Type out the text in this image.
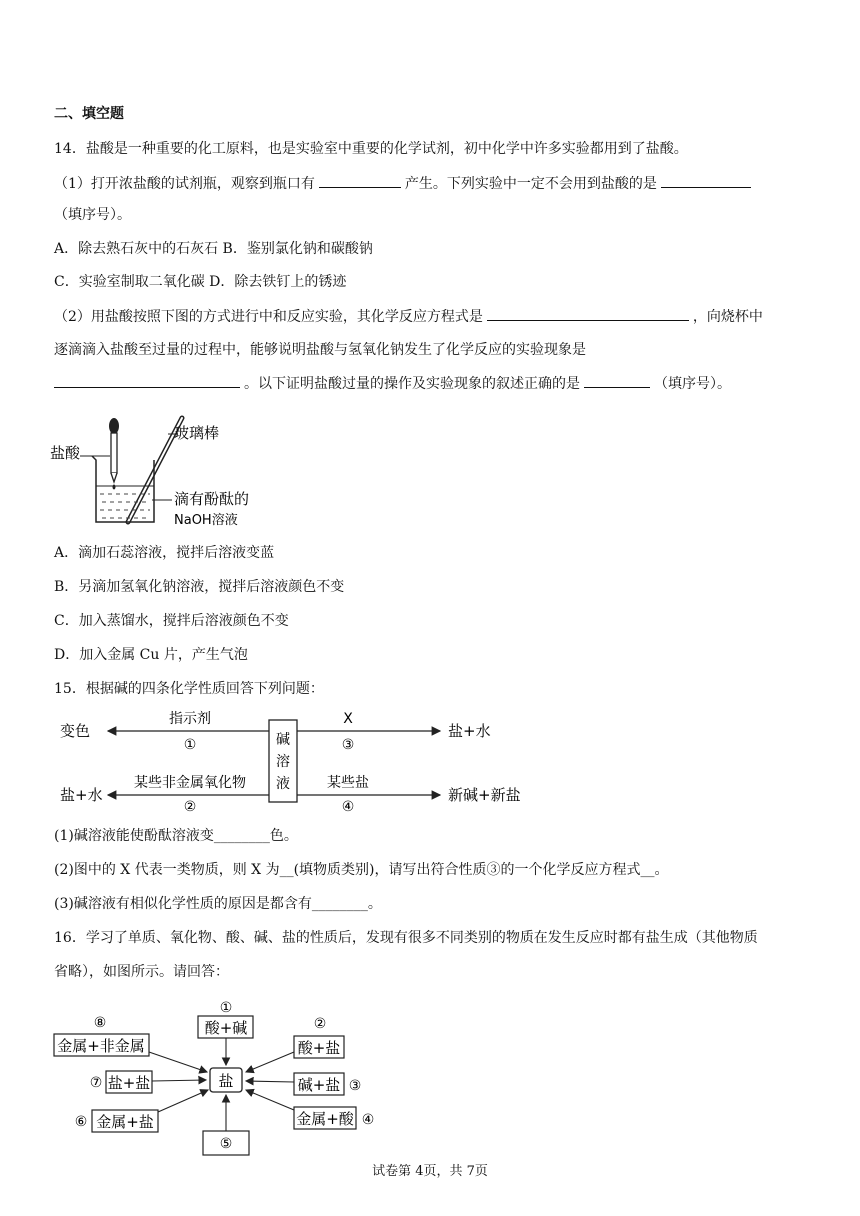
二、填空题
14．盐酸是一种重要的化工原料，也是实验室中重要的化学试剂，初中化学中许多实验都用到了盐酸。
（1）打开浓盐酸的试剂瓶，观察到瓶口有	产生。下列实验中一定不会用到盐酸的是
（填序号）。
A．除去熟石灰中的石灰石 B．鉴别氯化钠和碳酸钠
C．实验室制取二氧化碳 D．除去铁钉上的锈迹
（2）用盐酸按照下图的方式进行中和反应实验，其化学反应方程式是	，向烧杯中
逐滴滴入盐酸至过量的过程中，能够说明盐酸与氢氧化钠发生了化学反应的实验现象是
。以下证明盐酸过量的操作及实验现象的叙述正确的是	（填序号）。
盐酸
玻璃棒
滴有酚酞的
NaOH溶液
A．滴加石蕊溶液，搅拌后溶液变蓝
B．另滴加氢氧化钠溶液，搅拌后溶液颜色不变
C．加入蒸馏水，搅拌后溶液颜色不变
D．加入金属 Cu 片，产生气泡
15．根据碱的四条化学性质回答下列问题：
碱
溶
液
变色
指示剂
①
X
③
盐+水
盐+水
某些非金属氧化物
②
某些盐
④
新碱+新盐
(1)碱溶液能使酚酞溶液变________色。
(2)图中的 X 代表一类物质，则 X 为__(填物质类别)，请写出符合性质③的一个化学反应方程式__。
(3)碱溶液有相似化学性质的原因是都含有________。
16．学习了单质、氧化物、酸、碱、盐的性质后，发现有很多不同类别的物质在发生反应时都有盐生成（其他物质
省略），如图所示。请回答：
盐
①
酸+碱	②
酸+盐
碱+盐 ③
金属+酸 ④
⑤
⑥ 金属+盐
⑦ 盐+盐
⑧
金属+非金属
试卷第 4页，共 7页
